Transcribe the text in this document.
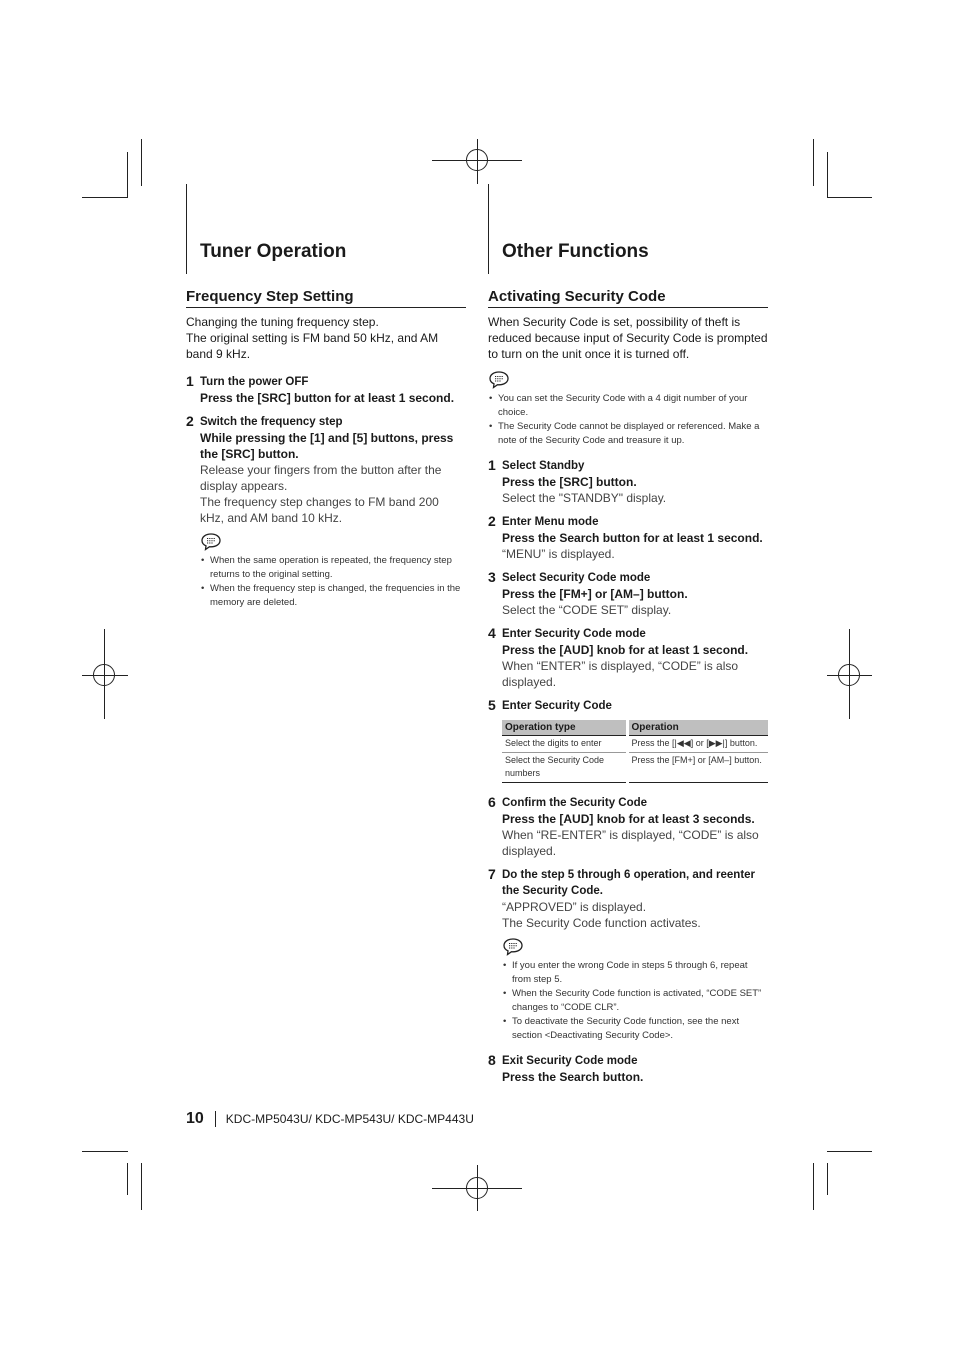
Tuner Operation	Other Functions
Frequency Step Setting

Changing the tuning frequency step.

The original setting is FM band 50 kHz, and AM band 9 kHz.

1 Turn the power OFF

Press the [SRC] button for at least 1 second.

2 Switch the frequency step

While pressing the [1] and [5] buttons, press the [SRC] button.

Release your fingers from the button after the display appears.

The frequency step changes to FM band 200 kHz, and AM band 10 kHz.

• When the same operation is repeated, the frequency step returns to the original setting.
• When the frequency step is changed, the frequencies in the memory are deleted.
Activating Security Code

When Security Code is set, possibility of theft is reduced because input of Security Code is prompted to turn on the unit once it is turned off.

• You can set the Security Code with a 4 digit number of your choice.
• The Security Code cannot be displayed or referenced. Make a note of the Security Code and treasure it up.
1 Select Standby

Press the [SRC] button.

Select the "STANDBY" display.

2 Enter Menu mode

Press the Search button for at least 1 second.

“MENU” is displayed.

3 Select Security Code mode

Press the [FM+] or [AM–] button.

Select the “CODE SET” display.

4 Enter Security Code mode

Press the [AUD] knob for at least 1 second.

When “ENTER” is displayed, “CODE” is also displayed.

5 Enter Security Code

Operation type	Operation
Select the digits to enter	Press the [|◀◀] or [▶▶|] button.
Select the Security Code numbers	Press the [FM+] or [AM–] button.
6 Confirm the Security Code

Press the [AUD] knob for at least 3 seconds.

When “RE-ENTER” is displayed, “CODE” is also displayed.

7 Do the step 5 through 6 operation, and reenter the Security Code.

“APPROVED” is displayed.

The Security Code function activates.

• If you enter the wrong Code in steps 5 through 6, repeat from step 5.
• When the Security Code function is activated, “CODE SET” changes to “CODE CLR”.
• To deactivate the Security Code function, see the next section <Deactivating Security Code>.
8 Exit Security Code mode

Press the Search button.

10 KDC-MP5043U/ KDC-MP543U/ KDC-MP443U
